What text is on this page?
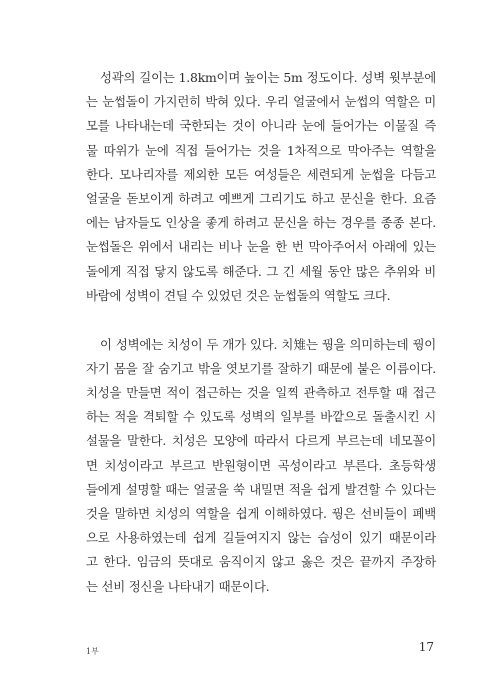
성곽의 길이는 1.8km이며 높이는 5m 정도이다. 성벽 윗부분에
는 눈썹돌이 가지런히 박혀 있다. 우리 얼굴에서 눈썹의 역할은 미
모를 나타내는데 국한되는 것이 아니라 눈에 들어가는 이물질 즉
물 따위가 눈에 직접 들어가는 것을 1차적으로 막아주는 역할을
한다. 모나리자를 제외한 모든 여성들은 세련되게 눈썹을 다듬고
얼굴을 돋보이게 하려고 예쁘게 그리기도 하고 문신을 한다. 요즘
에는 남자들도 인상을 좋게 하려고 문신을 하는 경우를 종종 본다.
눈썹돌은 위에서 내리는 비나 눈을 한 번 막아주어서 아래에 있는
돌에게 직접 닿지 않도록 해준다. 그 긴 세월 동안 많은 추위와 비
바람에 성벽이 견딜 수 있었던 것은 눈썹돌의 역할도 크다.
이 성벽에는 치성이 두 개가 있다. 치雉는 꿩을 의미하는데 꿩이
자기 몸을 잘 숨기고 밖을 엿보기를 잘하기 때문에 붙은 이름이다.
치성을 만들면 적이 접근하는 것을 일찍 관측하고 전투할 때 접근
하는 적을 격퇴할 수 있도록 성벽의 일부를 바깥으로 돌출시킨 시
설물을 말한다. 치성은 모양에 따라서 다르게 부르는데 네모꼴이
면 치성이라고 부르고 반원형이면 곡성이라고 부른다. 초등학생
들에게 설명할 때는 얼굴을 쑥 내밀면 적을 쉽게 발견할 수 있다는
것을 말하면 치성의 역할을 쉽게 이해하였다. 꿩은 선비들이 폐백
으로 사용하였는데 쉽게 길들여지지 않는 습성이 있기 때문이라
고 한다. 임금의 뜻대로 움직이지 않고 옳은 것은 끝까지 주장하
는 선비 정신을 나타내기 때문이다.
1부	17
